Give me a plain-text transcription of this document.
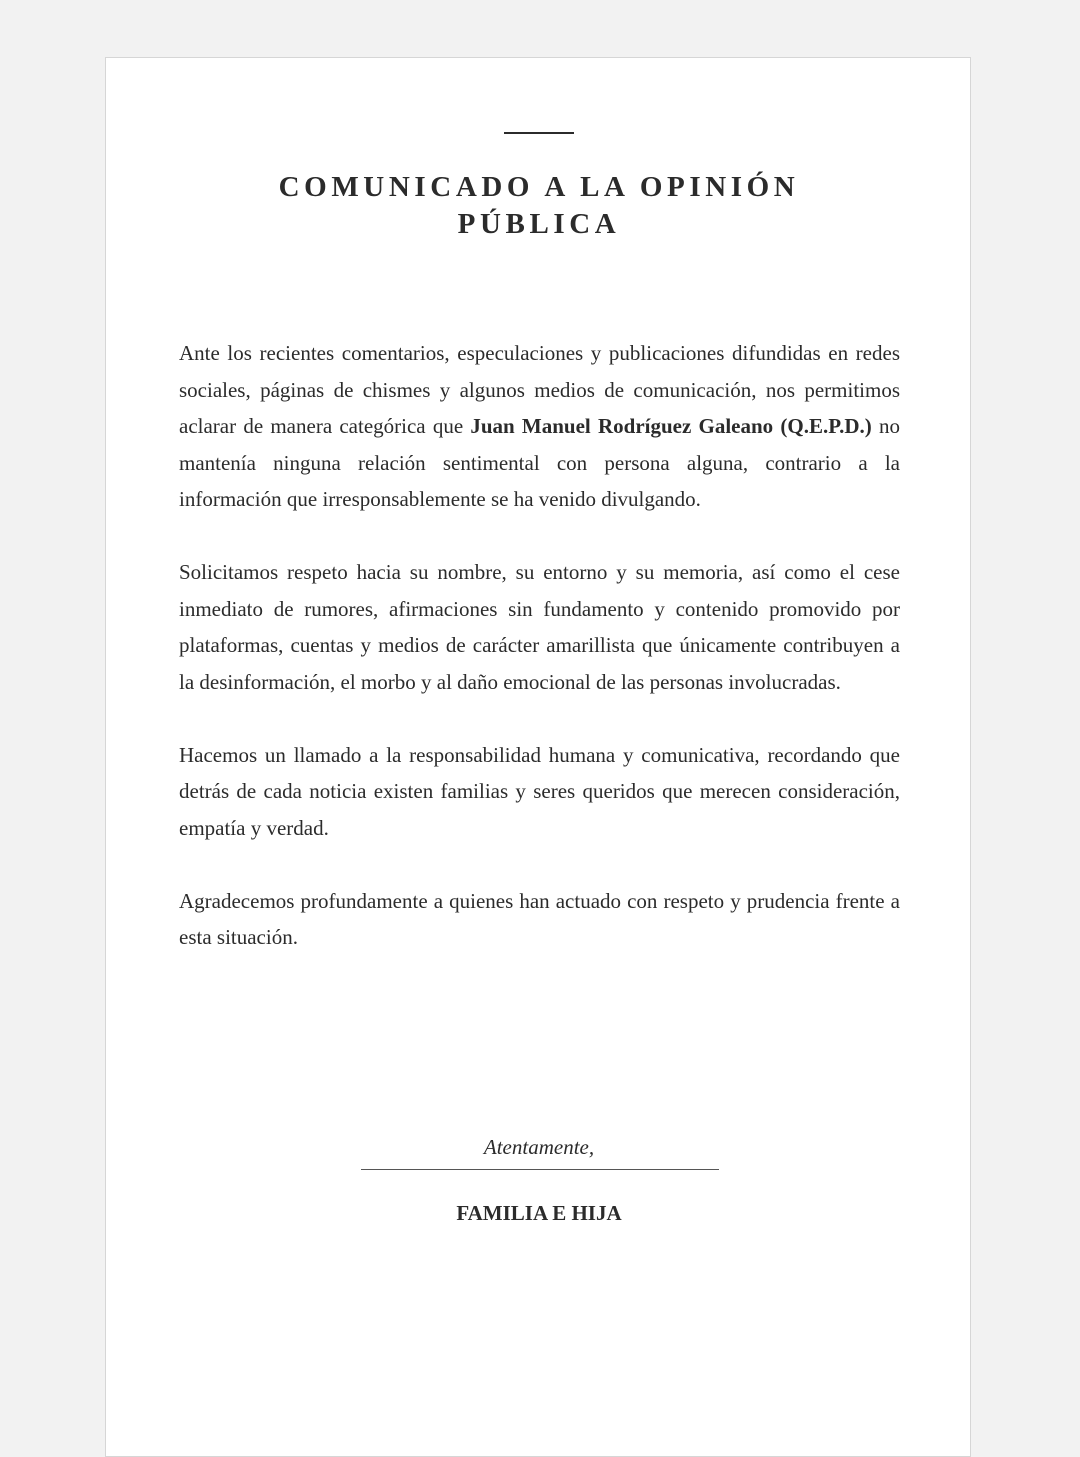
COMUNICADO A LA OPINIÓN
PÚBLICA

Ante los recientes comentarios, especulaciones y publicaciones difundidas en redes sociales, páginas de chismes y algunos medios de comunicación, nos permitimos aclarar de manera categórica que Juan Manuel Rodríguez Galeano (Q.E.P.D.) no mantenía ninguna relación sentimental con persona alguna, contrario a la información que irresponsablemente se ha venido divulgando.

Solicitamos respeto hacia su nombre, su entorno y su memoria, así como el cese inmediato de rumores, afirmaciones sin fundamento y contenido promovido por plataformas, cuentas y medios de carácter amarillista que únicamente contribuyen a la desinformación, el morbo y al daño emocional de las personas involucradas.

Hacemos un llamado a la responsabilidad humana y comunicativa, recordando que detrás de cada noticia existen familias y seres queridos que merecen consideración, empatía y verdad.

Agradecemos profundamente a quienes han actuado con respeto y prudencia frente a esta situación.

Atentamente,
FAMILIA E HIJA
